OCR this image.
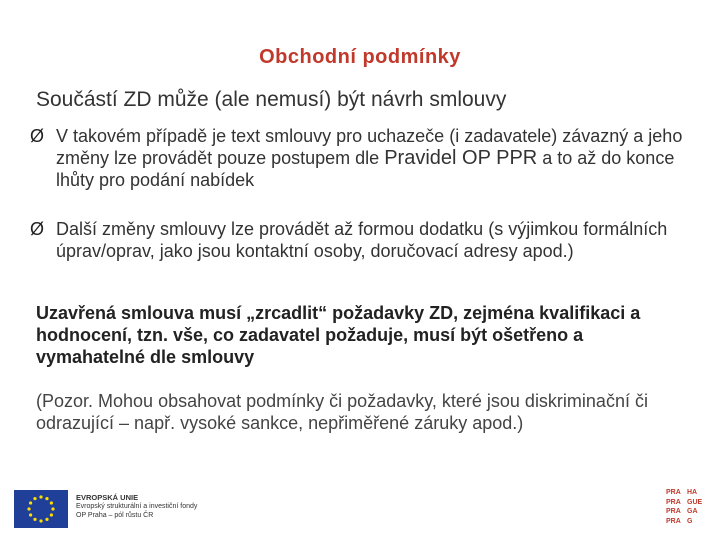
Obchodní podmínky
Součástí ZD může (ale nemusí) být návrh smlouvy
Ø V takovém případě je text smlouvy pro uchazeče (i zadavatele) závazný a jeho změny lze provádět pouze postupem dle Pravidel OP PPR a to až do konce lhůty pro podání nabídek
Ø Další změny smlouvy lze provádět až formou dodatku (s výjimkou formálních úprav/oprav, jako jsou kontaktní osoby, doručovací adresy apod.)
Uzavřená smlouva musí „zrcadlit“ požadavky ZD, zejména kvalifikaci a hodnocení, tzn. vše, co zadavatel požaduje, musí být ošetřeno a vymahatelné dle smlouvy
(Pozor. Mohou obsahovat podmínky či požadavky, které jsou diskriminační či odrazující – např. vysoké sankce, nepřiměřené záruky apod.)
EVROPSKÁ UNIE
Evropský strukturální a investiční fondy
OP Praha – pól růstu ČR
PRA HA
PRA GUE
PRA GA
PRA G
